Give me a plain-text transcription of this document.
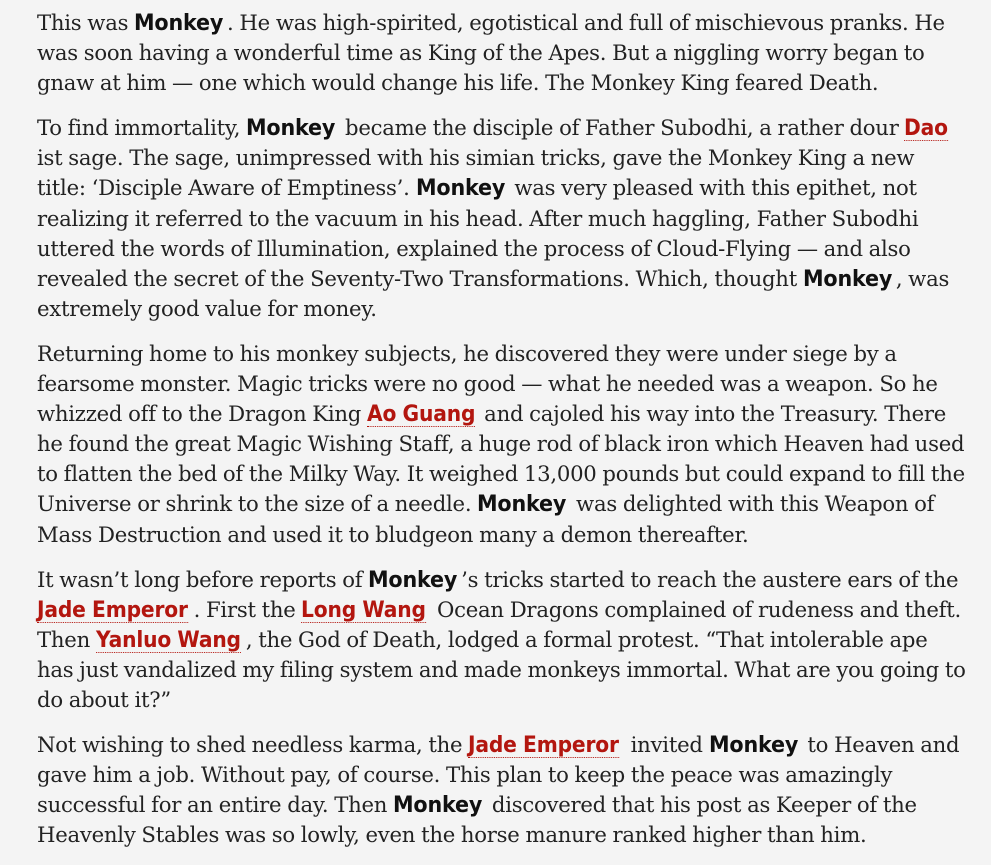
This was Monkey . He was high-spirited, egotistical and full of mischievous pranks. He was soon having a wonderful time as King of the Apes. But a niggling worry began to gnaw at him — one which would change his life. The Monkey King feared Death.

To find immortality, Monkey became the disciple of Father Subodhi, a rather dour Daoist sage. The sage, unimpressed with his simian tricks, gave the Monkey King a new title: ‘Disciple Aware of Emptiness’. Monkey was very pleased with this epithet, not realizing it referred to the vacuum in his head. After much haggling, Father Subodhi uttered the words of Illumination, explained the process of Cloud-Flying — and also revealed the secret of the Seventy-Two Transformations. Which, thought Monkey , was extremely good value for money.

Returning home to his monkey subjects, he discovered they were under siege by a fearsome monster. Magic tricks were no good — what he needed was a weapon. So he whizzed off to the Dragon King Ao Guang and cajoled his way into the Treasury. There he found the great Magic Wishing Staff, a huge rod of black iron which Heaven had used to flatten the bed of the Milky Way. It weighed 13,000 pounds but could expand to fill the Universe or shrink to the size of a needle. Monkey was delighted with this Weapon of Mass Destruction and used it to bludgeon many a demon thereafter.

It wasn’t long before reports of Monkey ’s tricks started to reach the austere ears of the Jade Emperor . First the Long Wang Ocean Dragons complained of rudeness and theft. Then Yanluo Wang , the God of Death, lodged a formal protest. “That intolerable ape has just vandalized my filing system and made monkeys immortal. What are you going to do about it?”

Not wishing to shed needless karma, the Jade Emperor invited Monkey to Heaven and gave him a job. Without pay, of course. This plan to keep the peace was amazingly successful for an entire day. Then Monkey discovered that his post as Keeper of the Heavenly Stables was so lowly, even the horse manure ranked higher than him.
